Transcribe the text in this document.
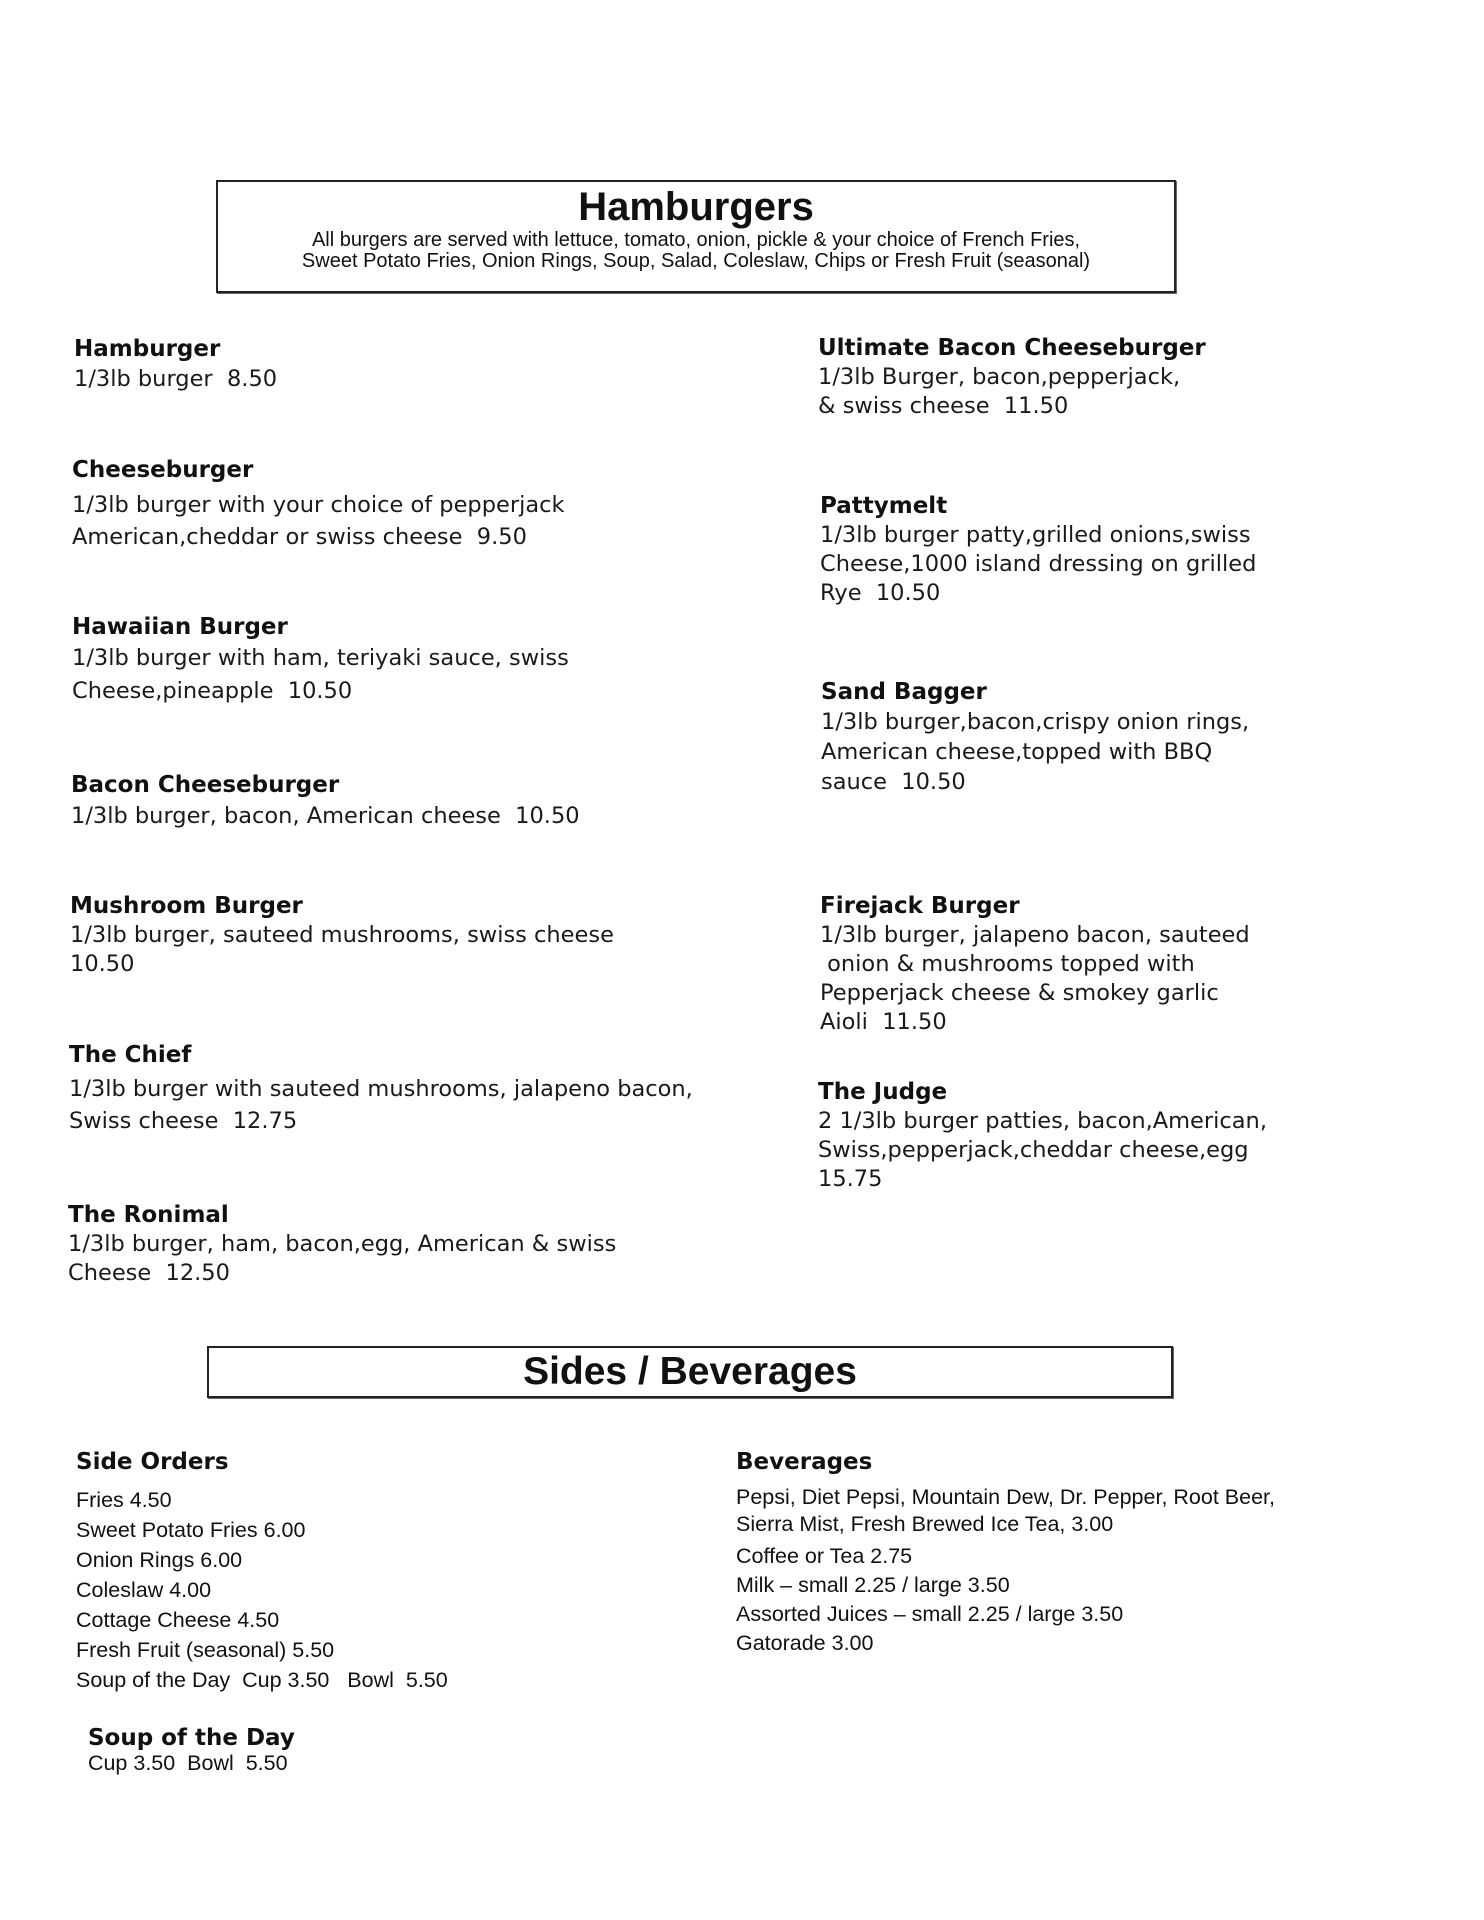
Hamburgers
All burgers are served with lettuce, tomato, onion, pickle & your choice of French Fries,
Sweet Potato Fries, Onion Rings, Soup, Salad, Coleslaw, Chips or Fresh Fruit (seasonal)
Hamburger
1/3lb burger  8.50
Cheeseburger
1/3lb burger with your choice of pepperjack
American,cheddar or swiss cheese  9.50
Hawaiian Burger
1/3lb burger with ham, teriyaki sauce, swiss
Cheese,pineapple  10.50
Bacon Cheeseburger
1/3lb burger, bacon, American cheese  10.50
Mushroom Burger
1/3lb burger, sauteed mushrooms, swiss cheese
10.50
The Chief
1/3lb burger with sauteed mushrooms, jalapeno bacon,
Swiss cheese  12.75
The Ronimal
1/3lb burger, ham, bacon,egg, American & swiss
Cheese  12.50
Ultimate Bacon Cheeseburger
1/3lb Burger, bacon,pepperjack,
& swiss cheese  11.50
Pattymelt
1/3lb burger patty,grilled onions,swiss
Cheese,1000 island dressing on grilled
Rye  10.50
Sand Bagger
1/3lb burger,bacon,crispy onion rings,
American cheese,topped with BBQ
sauce  10.50
Firejack Burger
1/3lb burger, jalapeno bacon, sauteed
onion & mushrooms topped with
Pepperjack cheese & smokey garlic
Aioli  11.50
The Judge
2 1/3lb burger patties, bacon,American,
Swiss,pepperjack,cheddar cheese,egg
15.75
Sides / Beverages
Side Orders
Fries 4.50
Sweet Potato Fries 6.00
Onion Rings 6.00
Coleslaw 4.00
Cottage Cheese 4.50
Fresh Fruit (seasonal) 5.50
Soup of the Day  Cup 3.50   Bowl  5.50

Soup of the Day
Cup 3.50  Bowl  5.50

Beverages
Pepsi, Diet Pepsi, Mountain Dew, Dr. Pepper, Root Beer,
Sierra Mist, Fresh Brewed Ice Tea, 3.00
Coffee or Tea 2.75
Milk – small 2.25 / large 3.50
Assorted Juices – small 2.25 / large 3.50
Gatorade 3.00
